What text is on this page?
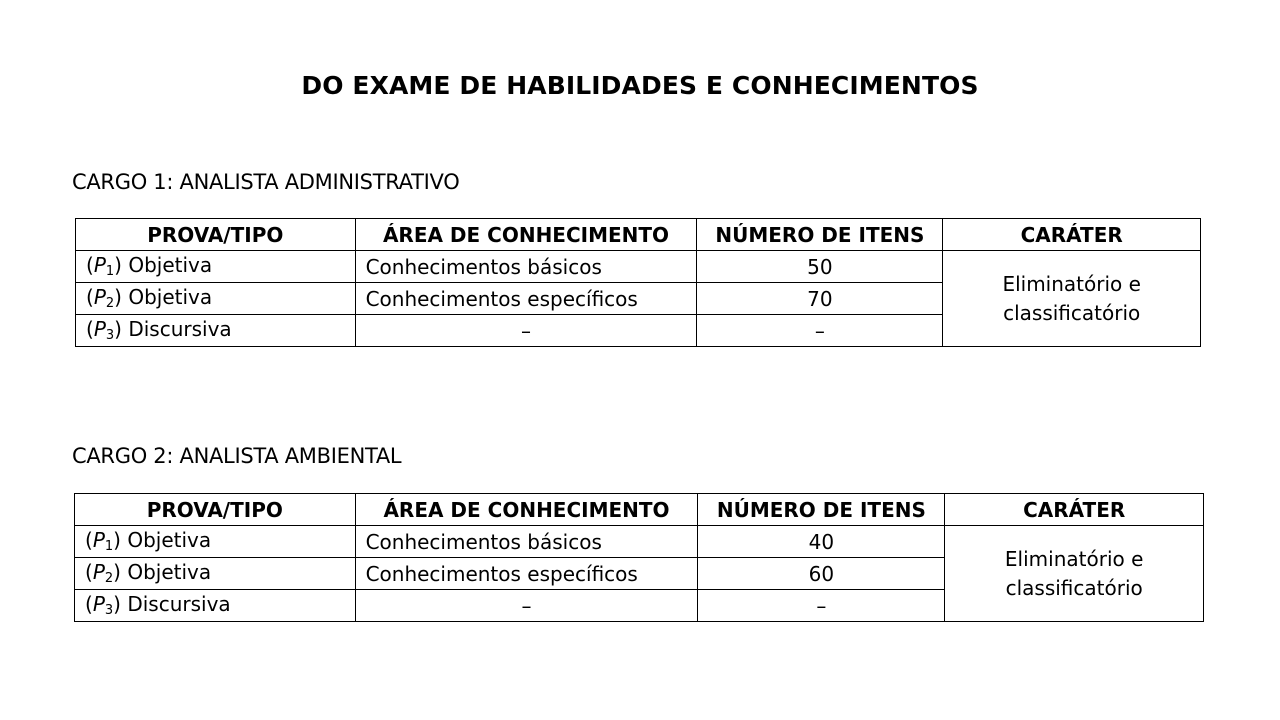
DO EXAME DE HABILIDADES E CONHECIMENTOS
CARGO 1: ANALISTA ADMINISTRATIVO
PROVA/TIPO	ÁREA DE CONHECIMENTO	NÚMERO DE ITENS	CARÁTER
$(P_1)$ Objetiva	Conhecimentos básicos	50	Eliminatório e
classificatório
$(P_2)$ Objetiva	Conhecimentos específicos	70	
$(P_3)$ Discursiva	–	–	
CARGO 2: ANALISTA AMBIENTAL
PROVA/TIPO	ÁREA DE CONHECIMENTO	NÚMERO DE ITENS	CARÁTER
$(P_1)$ Objetiva	Conhecimentos básicos	40	Eliminatório e
classificatório
$(P_2)$ Objetiva	Conhecimentos específicos	60	
$(P_3)$ Discursiva	–	–	
